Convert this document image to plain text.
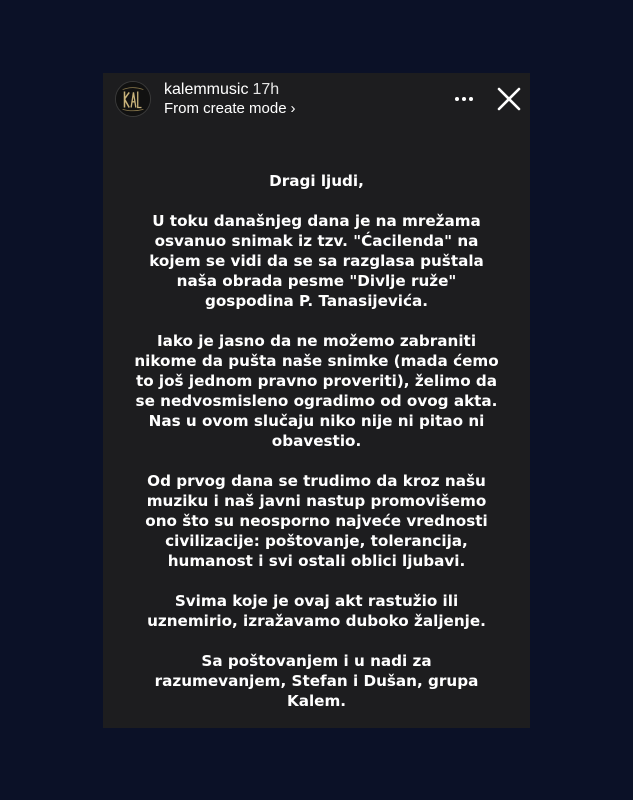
kalemmusic 17h
From create mode ›

Dragi ljudi,

U toku današnjeg dana je na mrežama osvanuo snimak iz tzv. "Ćacilenda" na kojem se vidi da se sa razglasa puštala naša obrada pesme "Divlje ruže" gospodina P. Tanasijevića.

Iako je jasno da ne možemo zabraniti nikome da pušta naše snimke (mada ćemo to još jednom pravno proveriti), želimo da se nedvosmisleno ogradimo od ovog akta. Nas u ovom slučaju niko nije ni pitao ni obavestio.

Od prvog dana se trudimo da kroz našu muziku i naš javni nastup promovišemo ono što su neosporno najveće vrednosti civilizacije: poštovanje, tolerancija, humanost i svi ostali oblici ljubavi.

Svima koje je ovaj akt rastužio ili uznemirio, izražavamo duboko žaljenje.

Sa poštovanjem i u nadi za razumevanjem, Stefan i Dušan, grupa Kalem.
